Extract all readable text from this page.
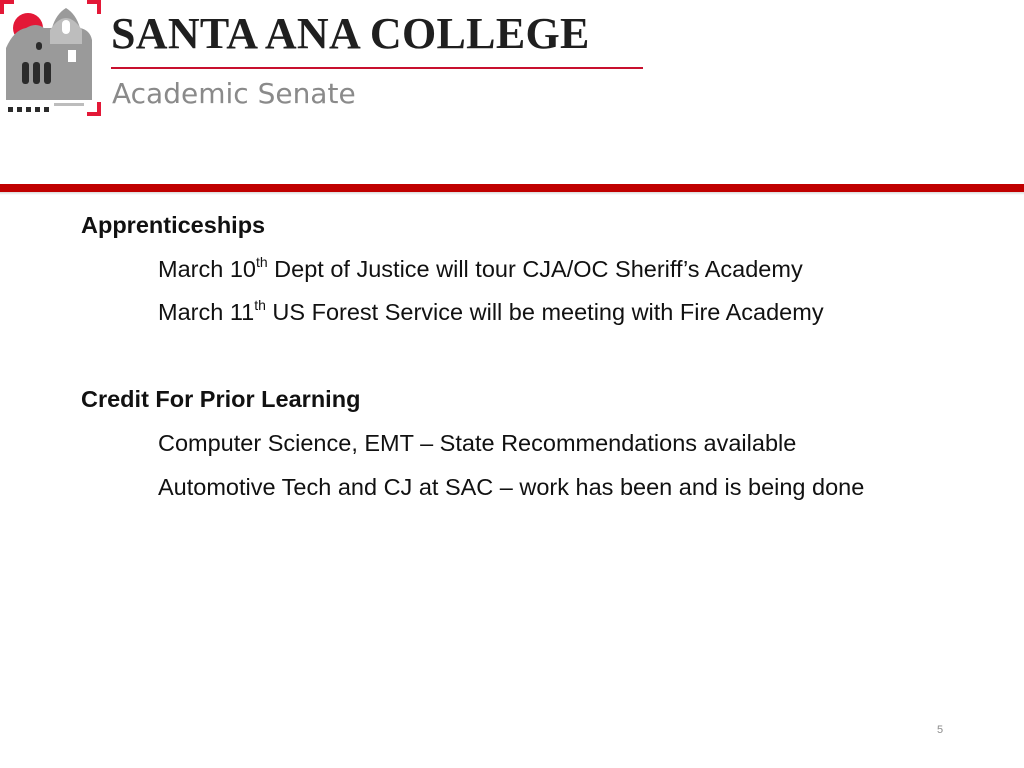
SANTA ANA COLLEGE
Academic Senate
Apprenticeships
March 10th Dept of Justice will tour CJA/OC Sheriff’s Academy
March 11th US Forest Service will be meeting with Fire Academy
Credit For Prior Learning
Computer Science, EMT – State Recommendations available
Automotive Tech and CJ at SAC – work has been and is being done
5
